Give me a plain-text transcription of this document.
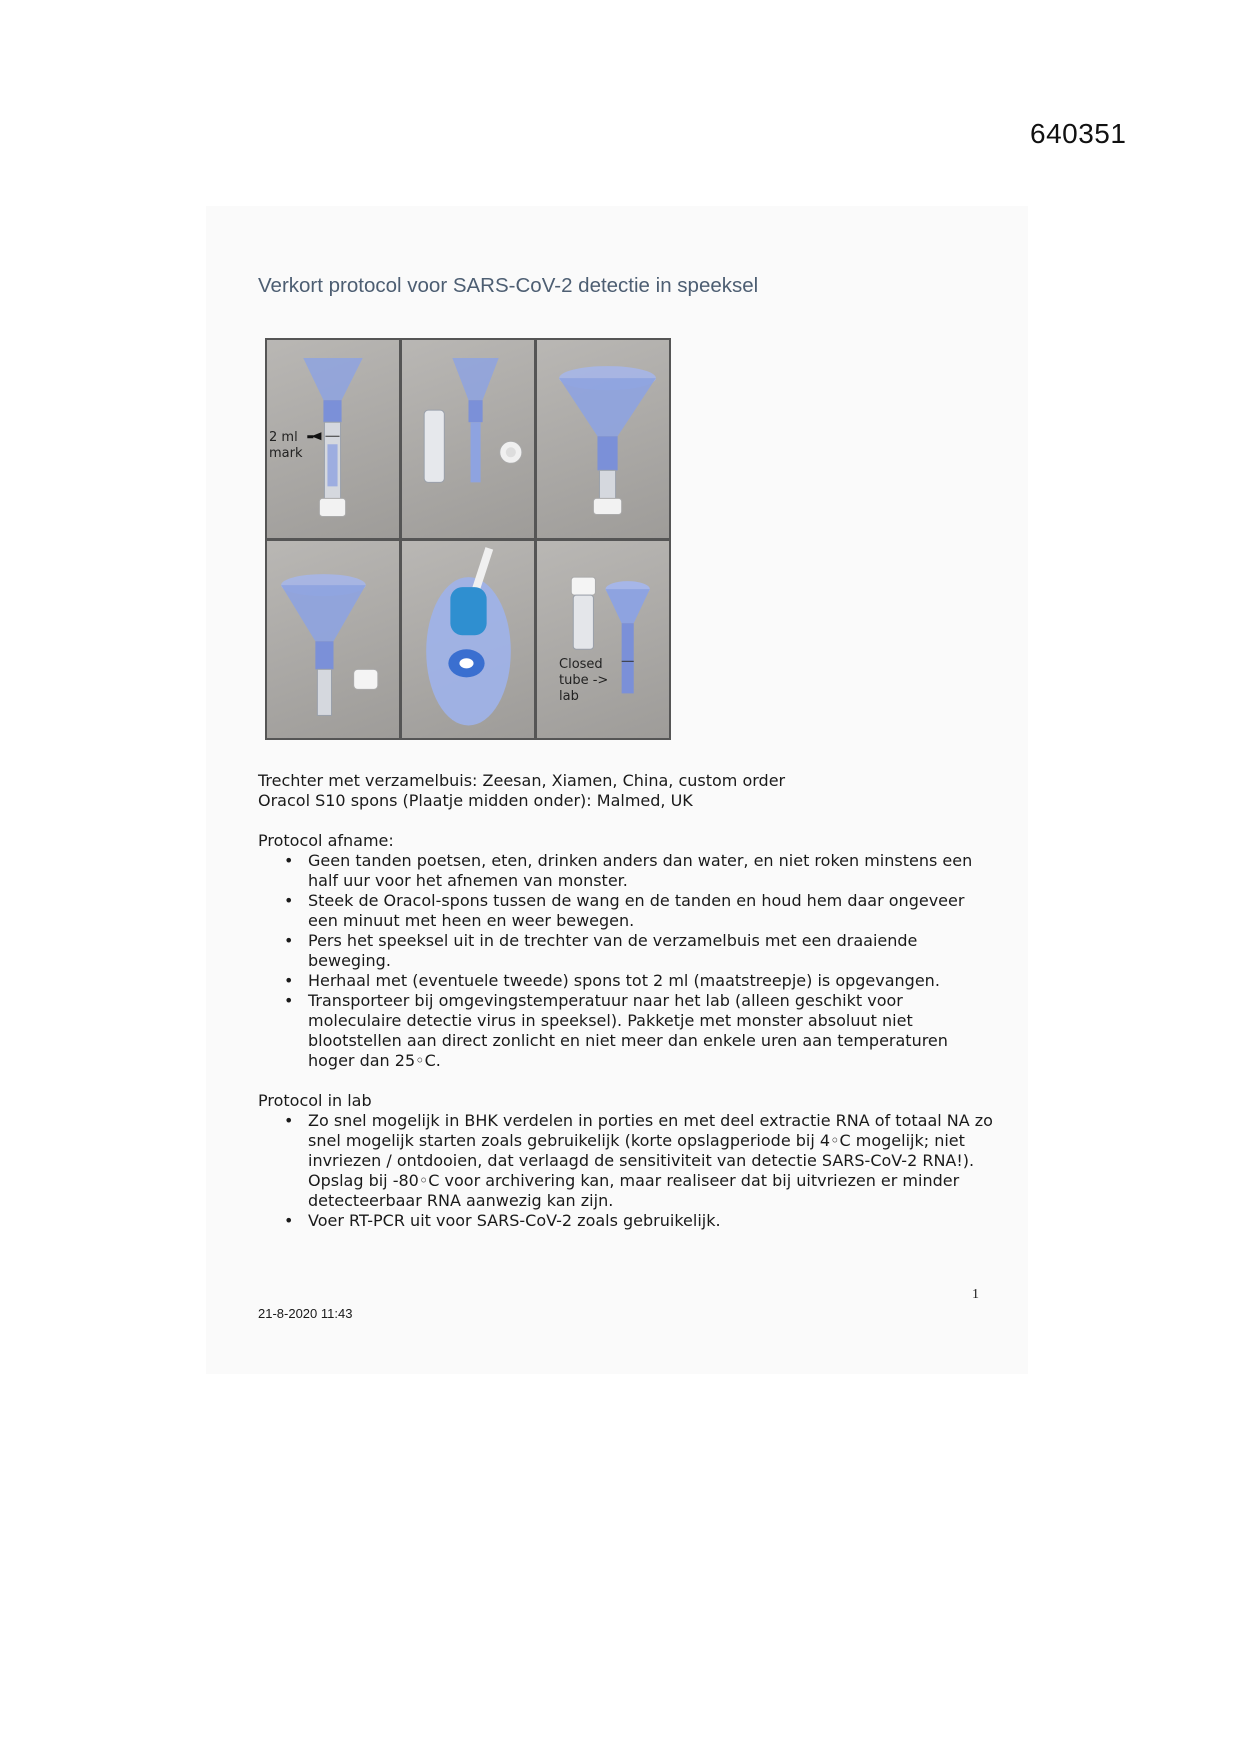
640351
Verkort protocol voor SARS-CoV-2 detectie in speeksel
2 ml
mark
Closed
tube ->
lab

Trechter met verzamelbuis: Zeesan, Xiamen, China, custom order

Oracol S10 spons (Plaatje midden onder): Malmed, UK

Protocol afname:

• Geen tanden poetsen, eten, drinken anders dan water, en niet roken minstens een half uur voor het afnemen van monster.
• Steek de Oracol-spons tussen de wang en de tanden en houd hem daar ongeveer een minuut met heen en weer bewegen.
• Pers het speeksel uit in de trechter van de verzamelbuis met een draaiende beweging.
• Herhaal met (eventuele tweede) spons tot 2 ml (maatstreepje) is opgevangen.
• Transporteer bij omgevingstemperatuur naar het lab (alleen geschikt voor moleculaire detectie virus in speeksel). Pakketje met monster absoluut niet blootstellen aan direct zonlicht en niet meer dan enkele uren aan temperaturen hoger dan 25◦C.

Protocol in lab

• Zo snel mogelijk in BHK verdelen in porties en met deel extractie RNA of totaal NA zo snel mogelijk starten zoals gebruikelijk (korte opslagperiode bij 4◦C mogelijk; niet invriezen / ontdooien, dat verlaagd de sensitiviteit van detectie SARS-CoV-2 RNA!). Opslag bij -80◦C voor archivering kan, maar realiseer dat bij uitvriezen er minder detecteerbaar RNA aanwezig kan zijn.
• Voer RT-PCR uit voor SARS-CoV-2 zoals gebruikelijk.
1
21-8-2020 11:43
